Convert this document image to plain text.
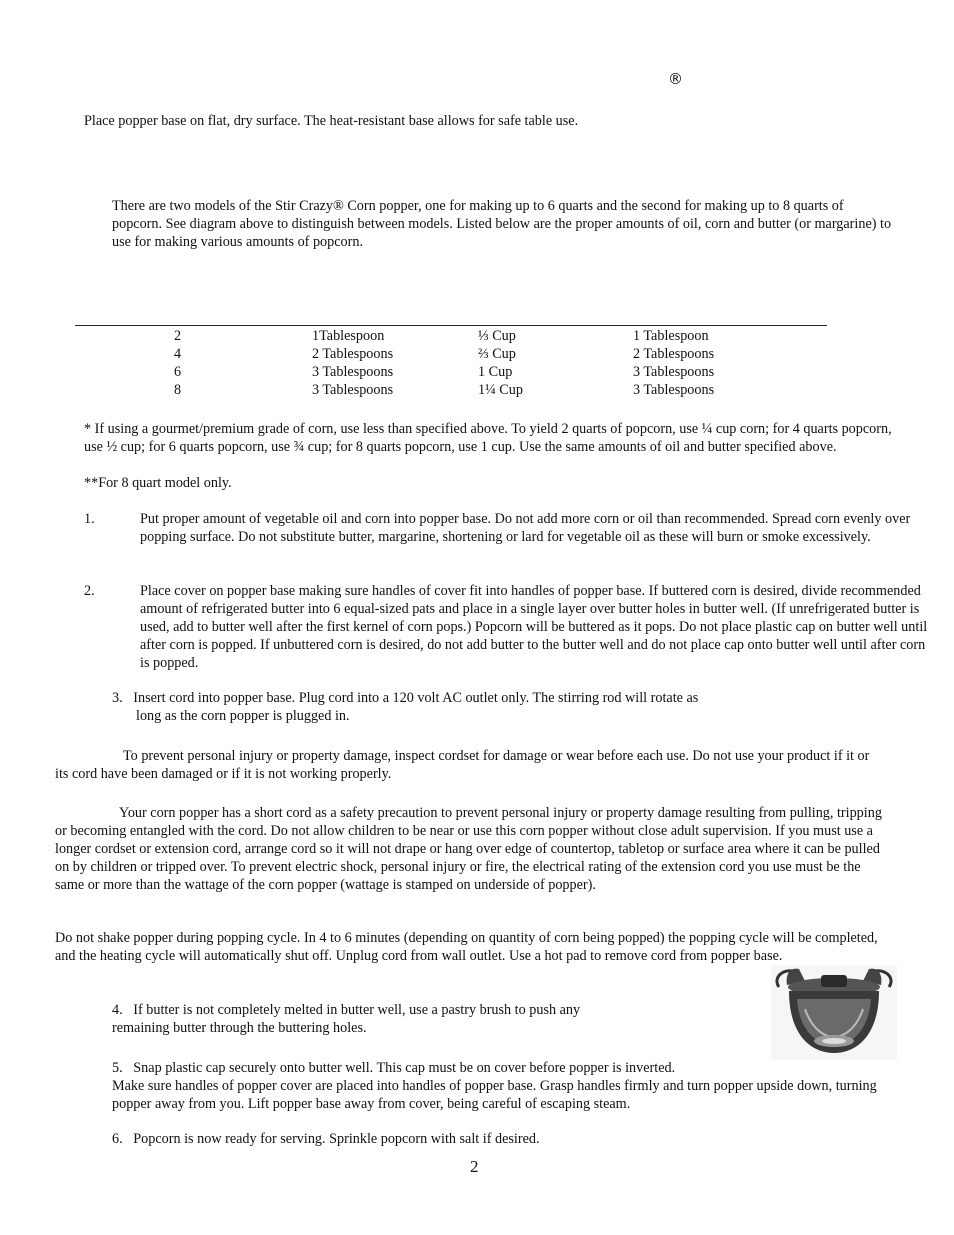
®

Place popper base on flat, dry surface. The heat-resistant base allows for safe table use.

There are two models of the Stir Crazy® Corn popper, one for making up to 6 quarts and the second for making up to 8 quarts of popcorn. See diagram above to distinguish between models. Listed below are the proper amounts of oil, corn and butter (or margarine) to use for making various amounts of popcorn.

2	1Tablespoon	⅓ Cup	1 Tablespoon
4	2 Tablespoons	⅔ Cup	2 Tablespoons
6	3 Tablespoons	1 Cup	3 Tablespoons
8	3 Tablespoons	1¼ Cup	3 Tablespoons

* If using a gourmet/premium grade of corn, use less than specified above. To yield 2 quarts of popcorn, use ¼ cup corn; for 4 quarts popcorn, use ½ cup; for 6 quarts popcorn, use ¾ cup; for 8 quarts popcorn, use 1 cup. Use the same amounts of oil and butter specified above.

**For 8 quart model only.

1.	Put proper amount of vegetable oil and corn into popper base. Do not add more corn or oil than recommended. Spread corn evenly over popping surface. Do not substitute butter, margarine, shortening or lard for vegetable oil as these will burn or smoke excessively.
2.	Place cover on popper base making sure handles of cover fit into handles of popper base. If buttered corn is desired, divide recommended amount of refrigerated butter into 6 equal-sized pats and place in a single layer over butter holes in butter well. (If unrefrigerated butter is used, add to butter well after the first kernel of corn pops.) Popcorn will be buttered as it pops. Do not place plastic cap on butter well until after corn is popped. If unbuttered corn is desired, do not add butter to the butter well and do not place cap onto butter well until after corn is popped.
3. Insert cord into popper base. Plug cord into a 120 volt AC outlet only. The stirring rod will rotate as
long as the corn popper is plugged in.

To prevent personal injury or property damage, inspect cordset for damage or wear before each use. Do not use your product if it or its cord have been damaged or if it is not working properly.

Your corn popper has a short cord as a safety precaution to prevent personal injury or property damage resulting from pulling, tripping or becoming entangled with the cord. Do not allow children to be near or use this corn popper without close adult supervision. If you must use a longer cordset or extension cord, arrange cord so it will not drape or hang over edge of countertop, tabletop or surface area where it can be pulled on by children or tripped over. To prevent electric shock, personal injury or fire, the electrical rating of the extension cord you use must be the same or more than the wattage of the corn popper (wattage is stamped on underside of popper).

Do not shake popper during popping cycle. In 4 to 6 minutes (depending on quantity of corn being popped) the popping cycle will be completed, and the heating cycle will automatically shut off. Unplug cord from wall outlet. Use a hot pad to remove cord from popper base.

4. If butter is not completely melted in butter well, use a pastry brush to push any
remaining butter through the buttering holes.
5. Snap plastic cap securely onto butter well. This cap must be on cover before popper is inverted.
Make sure handles of popper cover are placed into handles of popper base. Grasp handles firmly and turn popper upside down, turning popper away from you. Lift popper base away from cover, being careful of escaping steam.
6. Popcorn is now ready for serving. Sprinkle popcorn with salt if desired.
2
